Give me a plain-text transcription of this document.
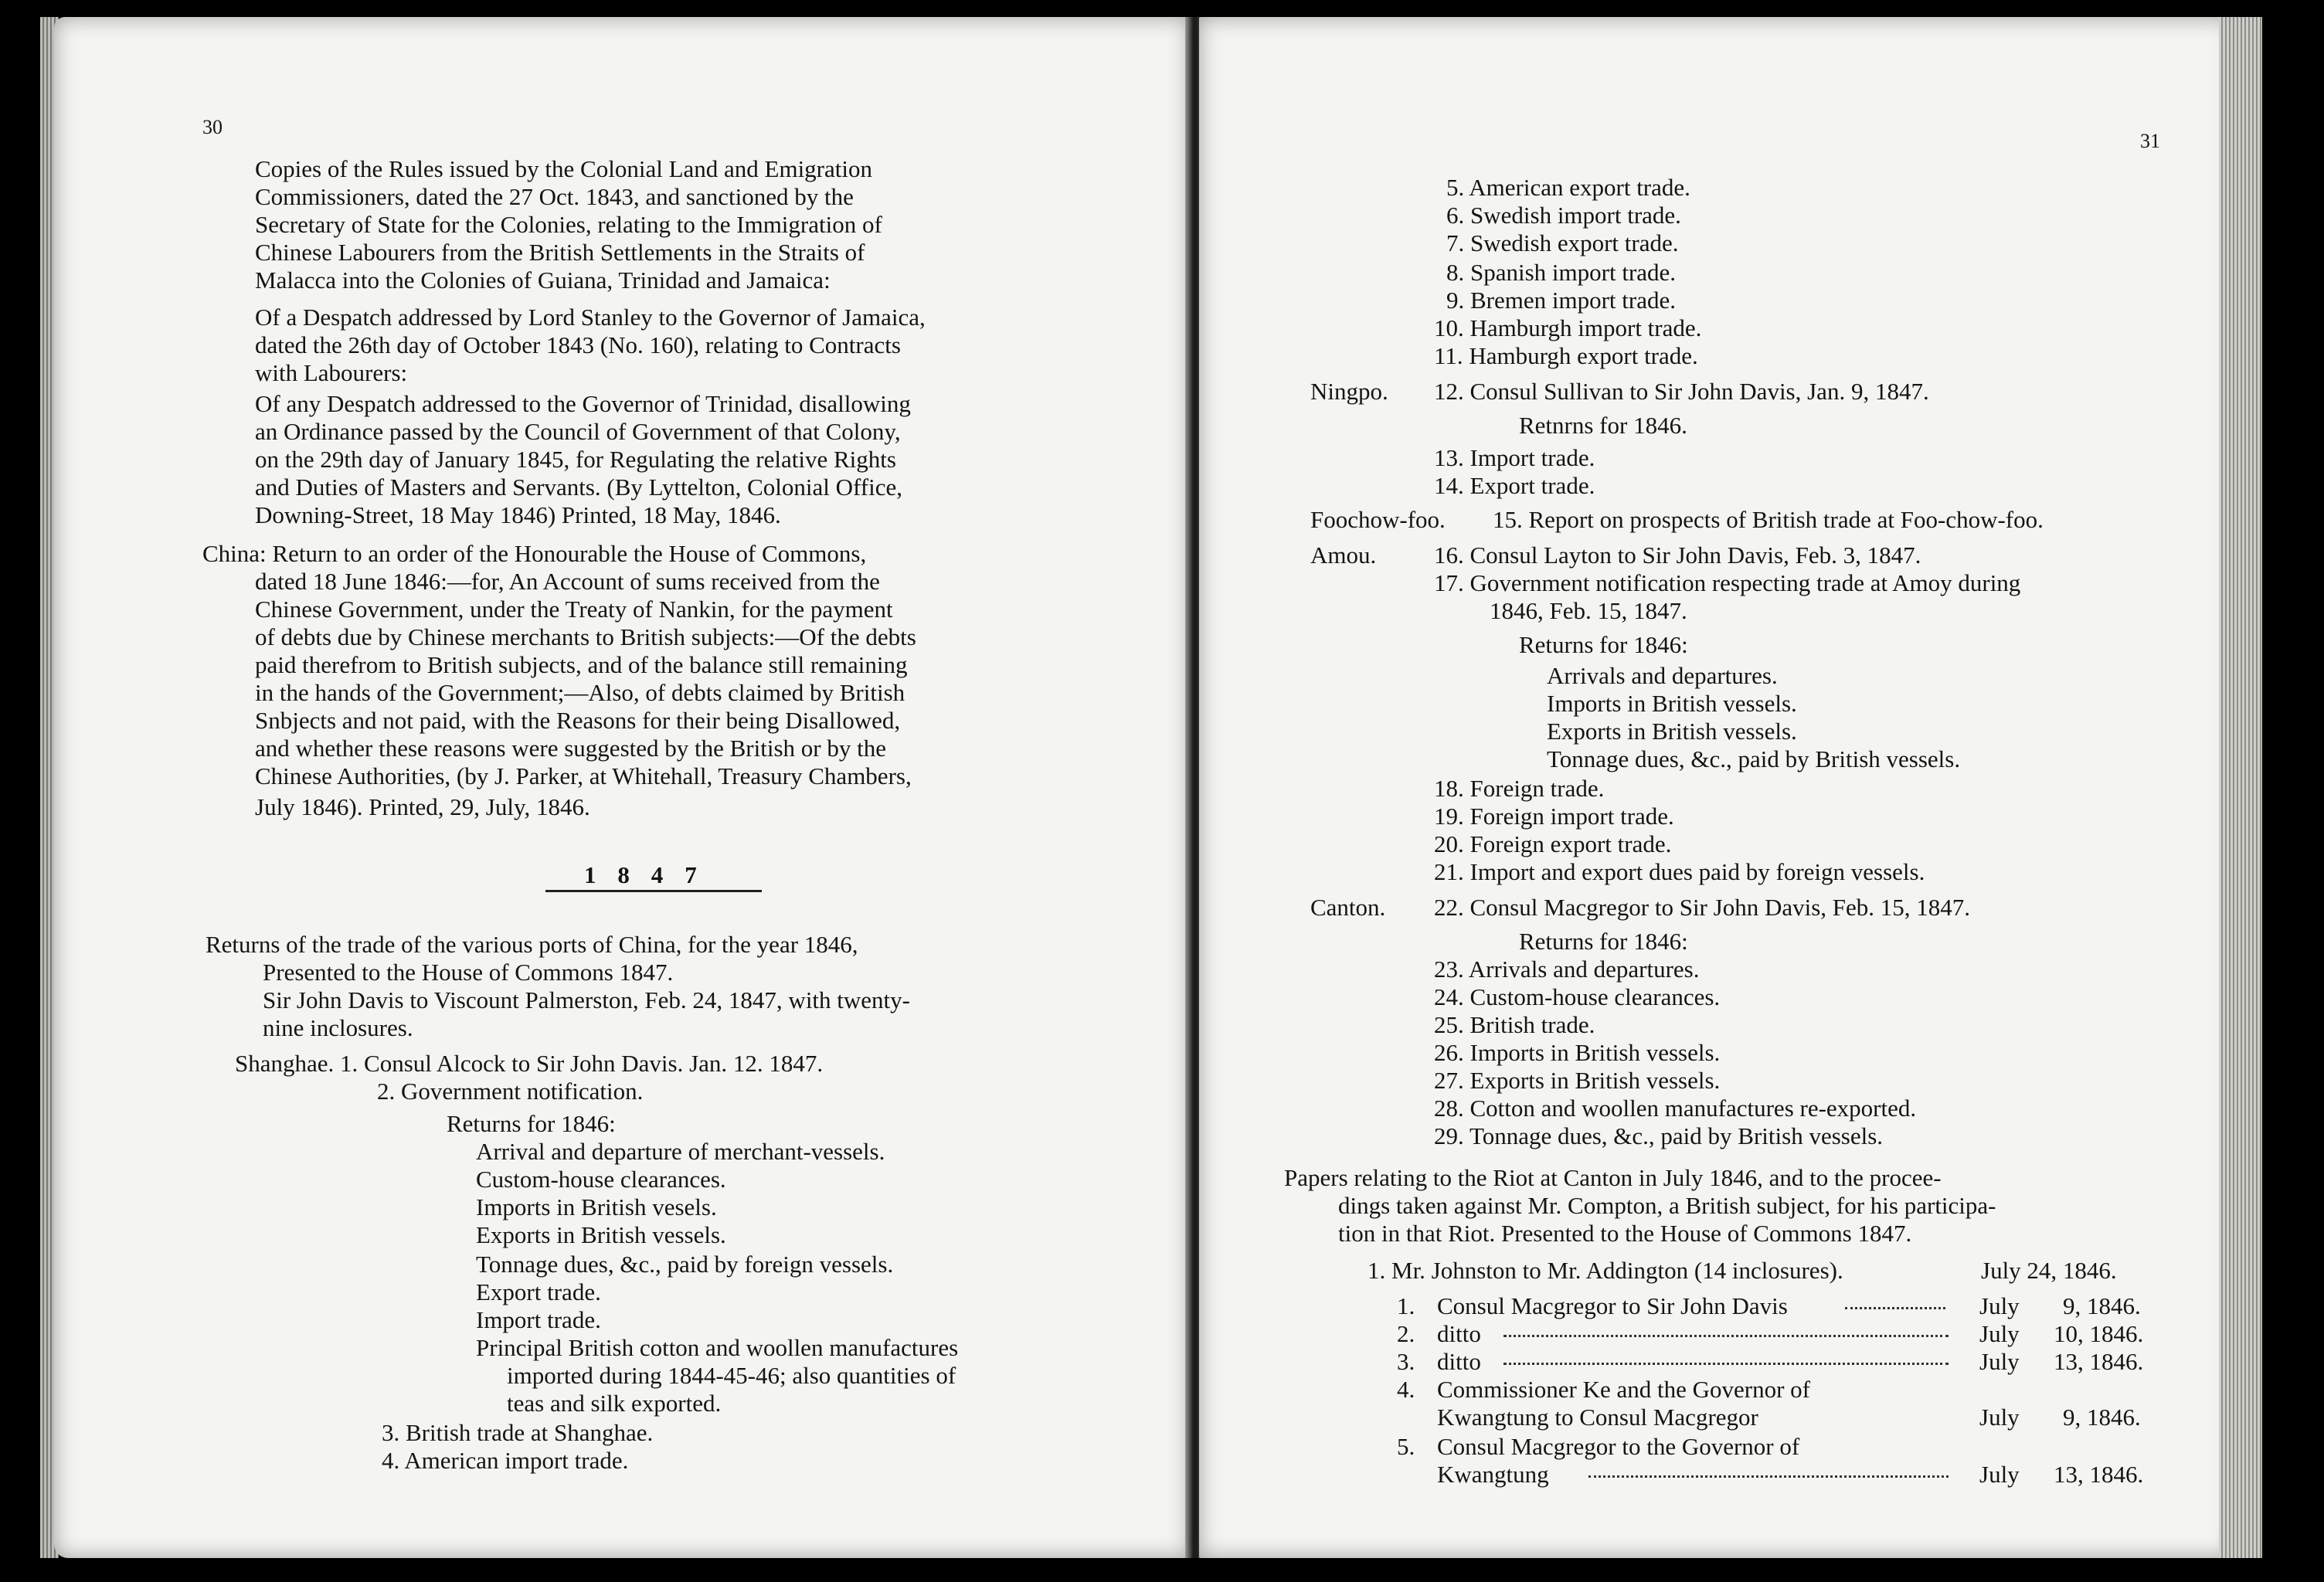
30
Copies of the Rules issued by the Colonial Land and Emigration
Commissioners, dated the 27 Oct. 1843, and sanctioned by the
Secretary of State for the Colonies, relating to the Immigration of
Chinese Labourers from the British Settlements in the Straits of
Malacca into the Colonies of Guiana, Trinidad and Jamaica:
Of a Despatch addressed by Lord Stanley to the Governor of Jamaica,
dated the 26th day of October 1843 (No. 160), relating to Contracts
with Labourers:
Of any Despatch addressed to the Governor of Trinidad, disallowing
an Ordinance passed by the Council of Government of that Colony,
on the 29th day of January 1845, for Regulating the relative Rights
and Duties of Masters and Servants. (By Lyttelton, Colonial Office,
Downing-Street, 18 May 1846) Printed, 18 May, 1846.
China: Return to an order of the Honourable the House of Commons,
dated 18 June 1846:—for, An Account of sums received from the
Chinese Government, under the Treaty of Nankin, for the payment
of debts due by Chinese merchants to British subjects:—Of the debts
paid therefrom to British subjects, and of the balance still remaining
in the hands of the Government;—Also, of debts claimed by British
Snbjects and not paid, with the Reasons for their being Disallowed,
and whether these reasons were suggested by the British or by the
Chinese Authorities, (by J. Parker, at Whitehall, Treasury Chambers,
July 1846). Printed, 29, July, 1846.
1847
Returns of the trade of the various ports of China, for the year 1846,
Presented to the House of Commons 1847.
Sir John Davis to Viscount Palmerston, Feb. 24, 1847, with twenty-
nine inclosures.
Shanghae. 1. Consul Alcock to Sir John Davis. Jan. 12. 1847.
2. Government notification.
Returns for 1846:
Arrival and departure of merchant-vessels.
Custom-house clearances.
Imports in British vesels.
Exports in British vessels.
Tonnage dues, &c., paid by foreign vessels.
Export trade.
Import trade.
Principal British cotton and woollen manufactures
imported during 1844-45-46; also quantities of
teas and silk exported.
3. British trade at Shanghae.
4. American import trade.
31
5. American export trade.
6. Swedish import trade.
7. Swedish export trade.
8. Spanish import trade.
9. Bremen import trade.
10. Hamburgh import trade.
11. Hamburgh export trade.
Ningpo. 12. Consul Sullivan to Sir John Davis, Jan. 9, 1847.
Retnrns for 1846.
13. Import trade.
14. Export trade.
Foochow-foo. 15. Report on prospects of British trade at Foo-chow-foo.
Amou. 16. Consul Layton to Sir John Davis, Feb. 3, 1847.
17. Government notification respecting trade at Amoy during
1846, Feb. 15, 1847.
Returns for 1846:
Arrivals and departures.
Imports in British vessels.
Exports in British vessels.
Tonnage dues, &c., paid by British vessels.
18. Foreign trade.
19. Foreign import trade.
20. Foreign export trade.
21. Import and export dues paid by foreign vessels.
Canton. 22. Consul Macgregor to Sir John Davis, Feb. 15, 1847.
Returns for 1846:
23. Arrivals and departures.
24. Custom-house clearances.
25. British trade.
26. Imports in British vessels.
27. Exports in British vessels.
28. Cotton and woollen manufactures re-exported.
29. Tonnage dues, &c., paid by British vessels.
Papers relating to the Riot at Canton in July 1846, and to the procee-
dings taken against Mr. Compton, a British subject, for his participa-
tion in that Riot. Presented to the House of Commons 1847.
1. Mr. Johnston to Mr. Addington (14 inclosures).	July 24, 1846.
1. Consul Macgregor to Sir John Davis	July 9, 1846.
2. ditto	July 10, 1846.
3. ditto	July 13, 1846.
4. Commissioner Ke and the Governor of
Kwangtung to Consul Macgregor	July 9, 1846.
5. Consul Macgregor to the Governor of
Kwangtung	July 13, 1846.
